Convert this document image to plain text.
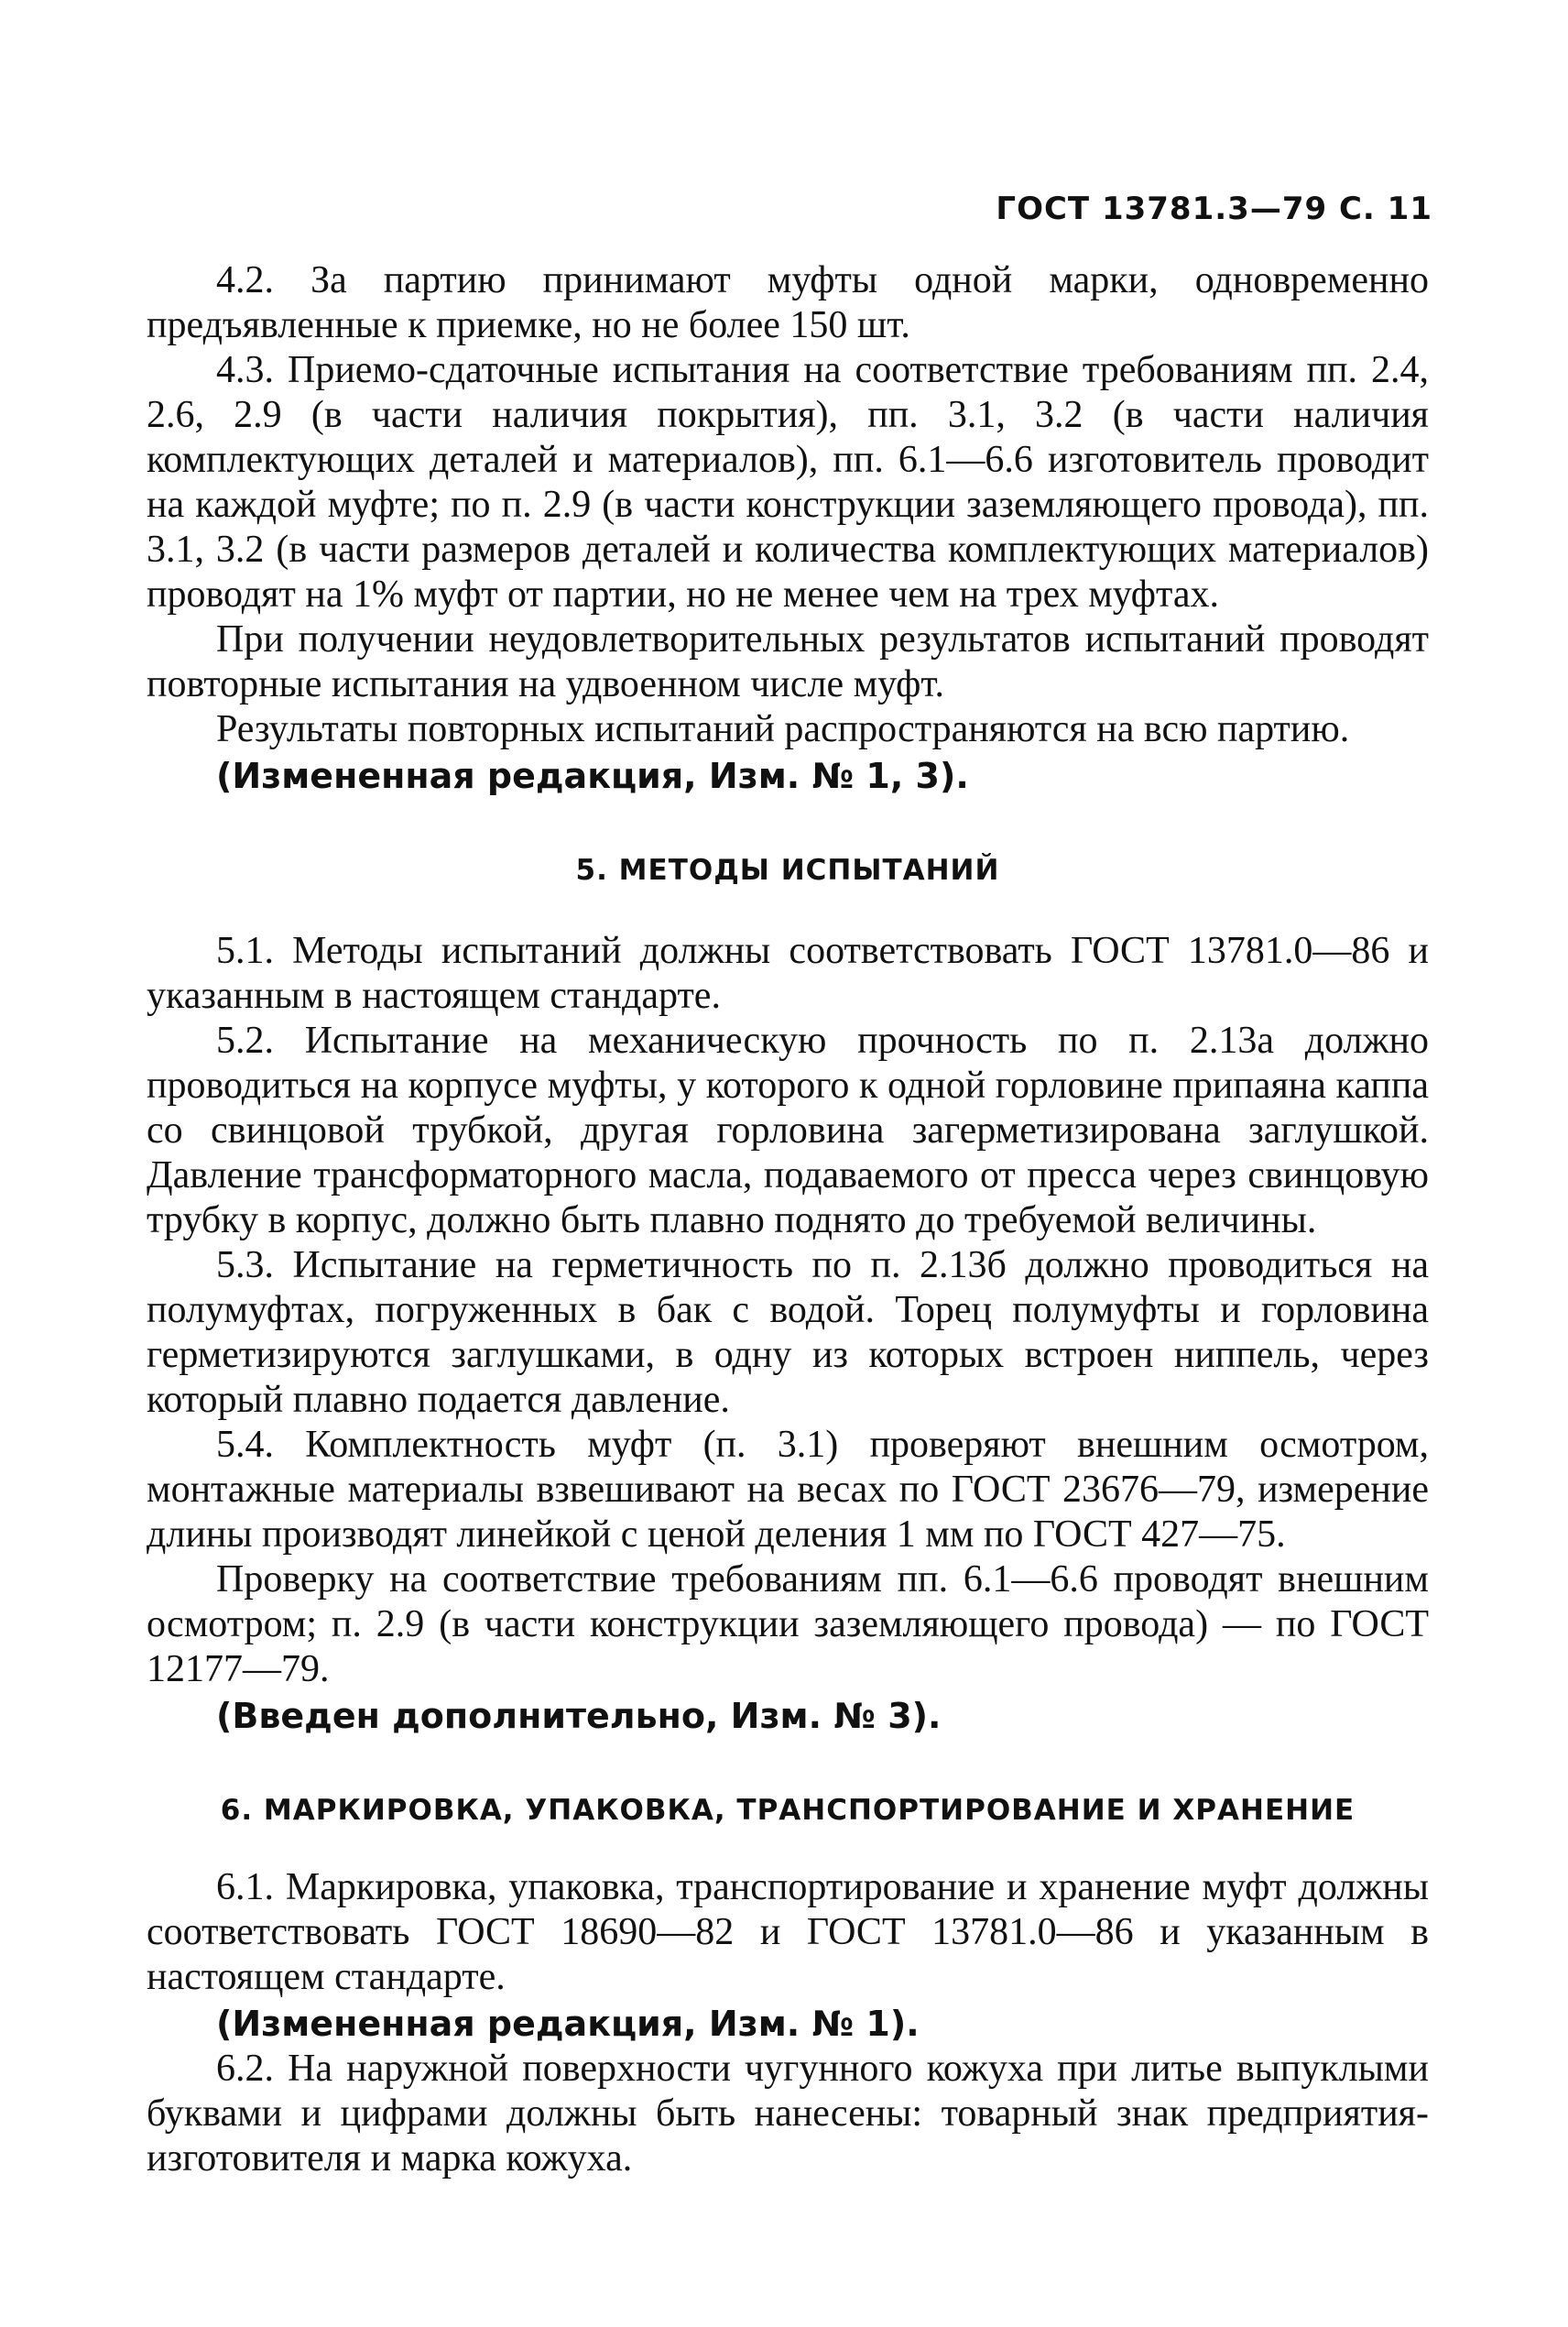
ГОСТ 13781.3—79 С. 11

4.2. За партию принимают муфты одной марки, одновременно предъявленные к приемке, но не более 150 шт.

4.3. Приемо-сдаточные испытания на соответствие требованиям пп. 2.4, 2.6, 2.9 (в части наличия покрытия), пп. 3.1, 3.2 (в части наличия комплектующих деталей и материалов), пп. 6.1—6.6 изготовитель проводит на каждой муфте; по п. 2.9 (в части конструкции заземляющего провода), пп. 3.1, 3.2 (в части размеров деталей и количества комплектующих материалов) проводят на 1% муфт от партии, но не менее чем на трех муфтах.

При получении неудовлетворительных результатов испытаний проводят повторные испытания на удвоенном числе муфт.

Результаты повторных испытаний распространяются на всю партию.

(Измененная редакция, Изм. № 1, 3).

5. МЕТОДЫ ИСПЫТАНИЙ

5.1. Методы испытаний должны соответствовать ГОСТ 13781.0—86 и указанным в настоящем стандарте.

5.2. Испытание на механическую прочность по п. 2.13а должно проводиться на корпусе муфты, у которого к одной горловине припаяна каппа со свинцовой трубкой, другая горловина загерметизирована заглушкой. Давление трансформаторного масла, подаваемого от пресса через свинцовую трубку в корпус, должно быть плавно поднято до требуемой величины.

5.3. Испытание на герметичность по п. 2.13б должно проводиться на полумуфтах, погруженных в бак с водой. Торец полумуфты и горловина герметизируются заглушками, в одну из которых встроен ниппель, через который плавно подается давление.

5.4. Комплектность муфт (п. 3.1) проверяют внешним осмотром, монтажные материалы взвешивают на весах по ГОСТ 23676—79, измерение длины производят линейкой с ценой деления 1 мм по ГОСТ 427—75.

Проверку на соответствие требованиям пп. 6.1—6.6 проводят внешним осмотром; п. 2.9 (в части конструкции заземляющего провода) — по ГОСТ 12177—79.

(Введен дополнительно, Изм. № 3).

6. МАРКИРОВКА, УПАКОВКА, ТРАНСПОРТИРОВАНИЕ И ХРАНЕНИЕ

6.1. Маркировка, упаковка, транспортирование и хранение муфт должны соответствовать ГОСТ 18690—82 и ГОСТ 13781.0—86 и указанным в настоящем стандарте.

(Измененная редакция, Изм. № 1).

6.2. На наружной поверхности чугунного кожуха при литье выпуклыми буквами и цифрами должны быть нанесены: товарный знак предприятия-изготовителя и марка кожуха.
